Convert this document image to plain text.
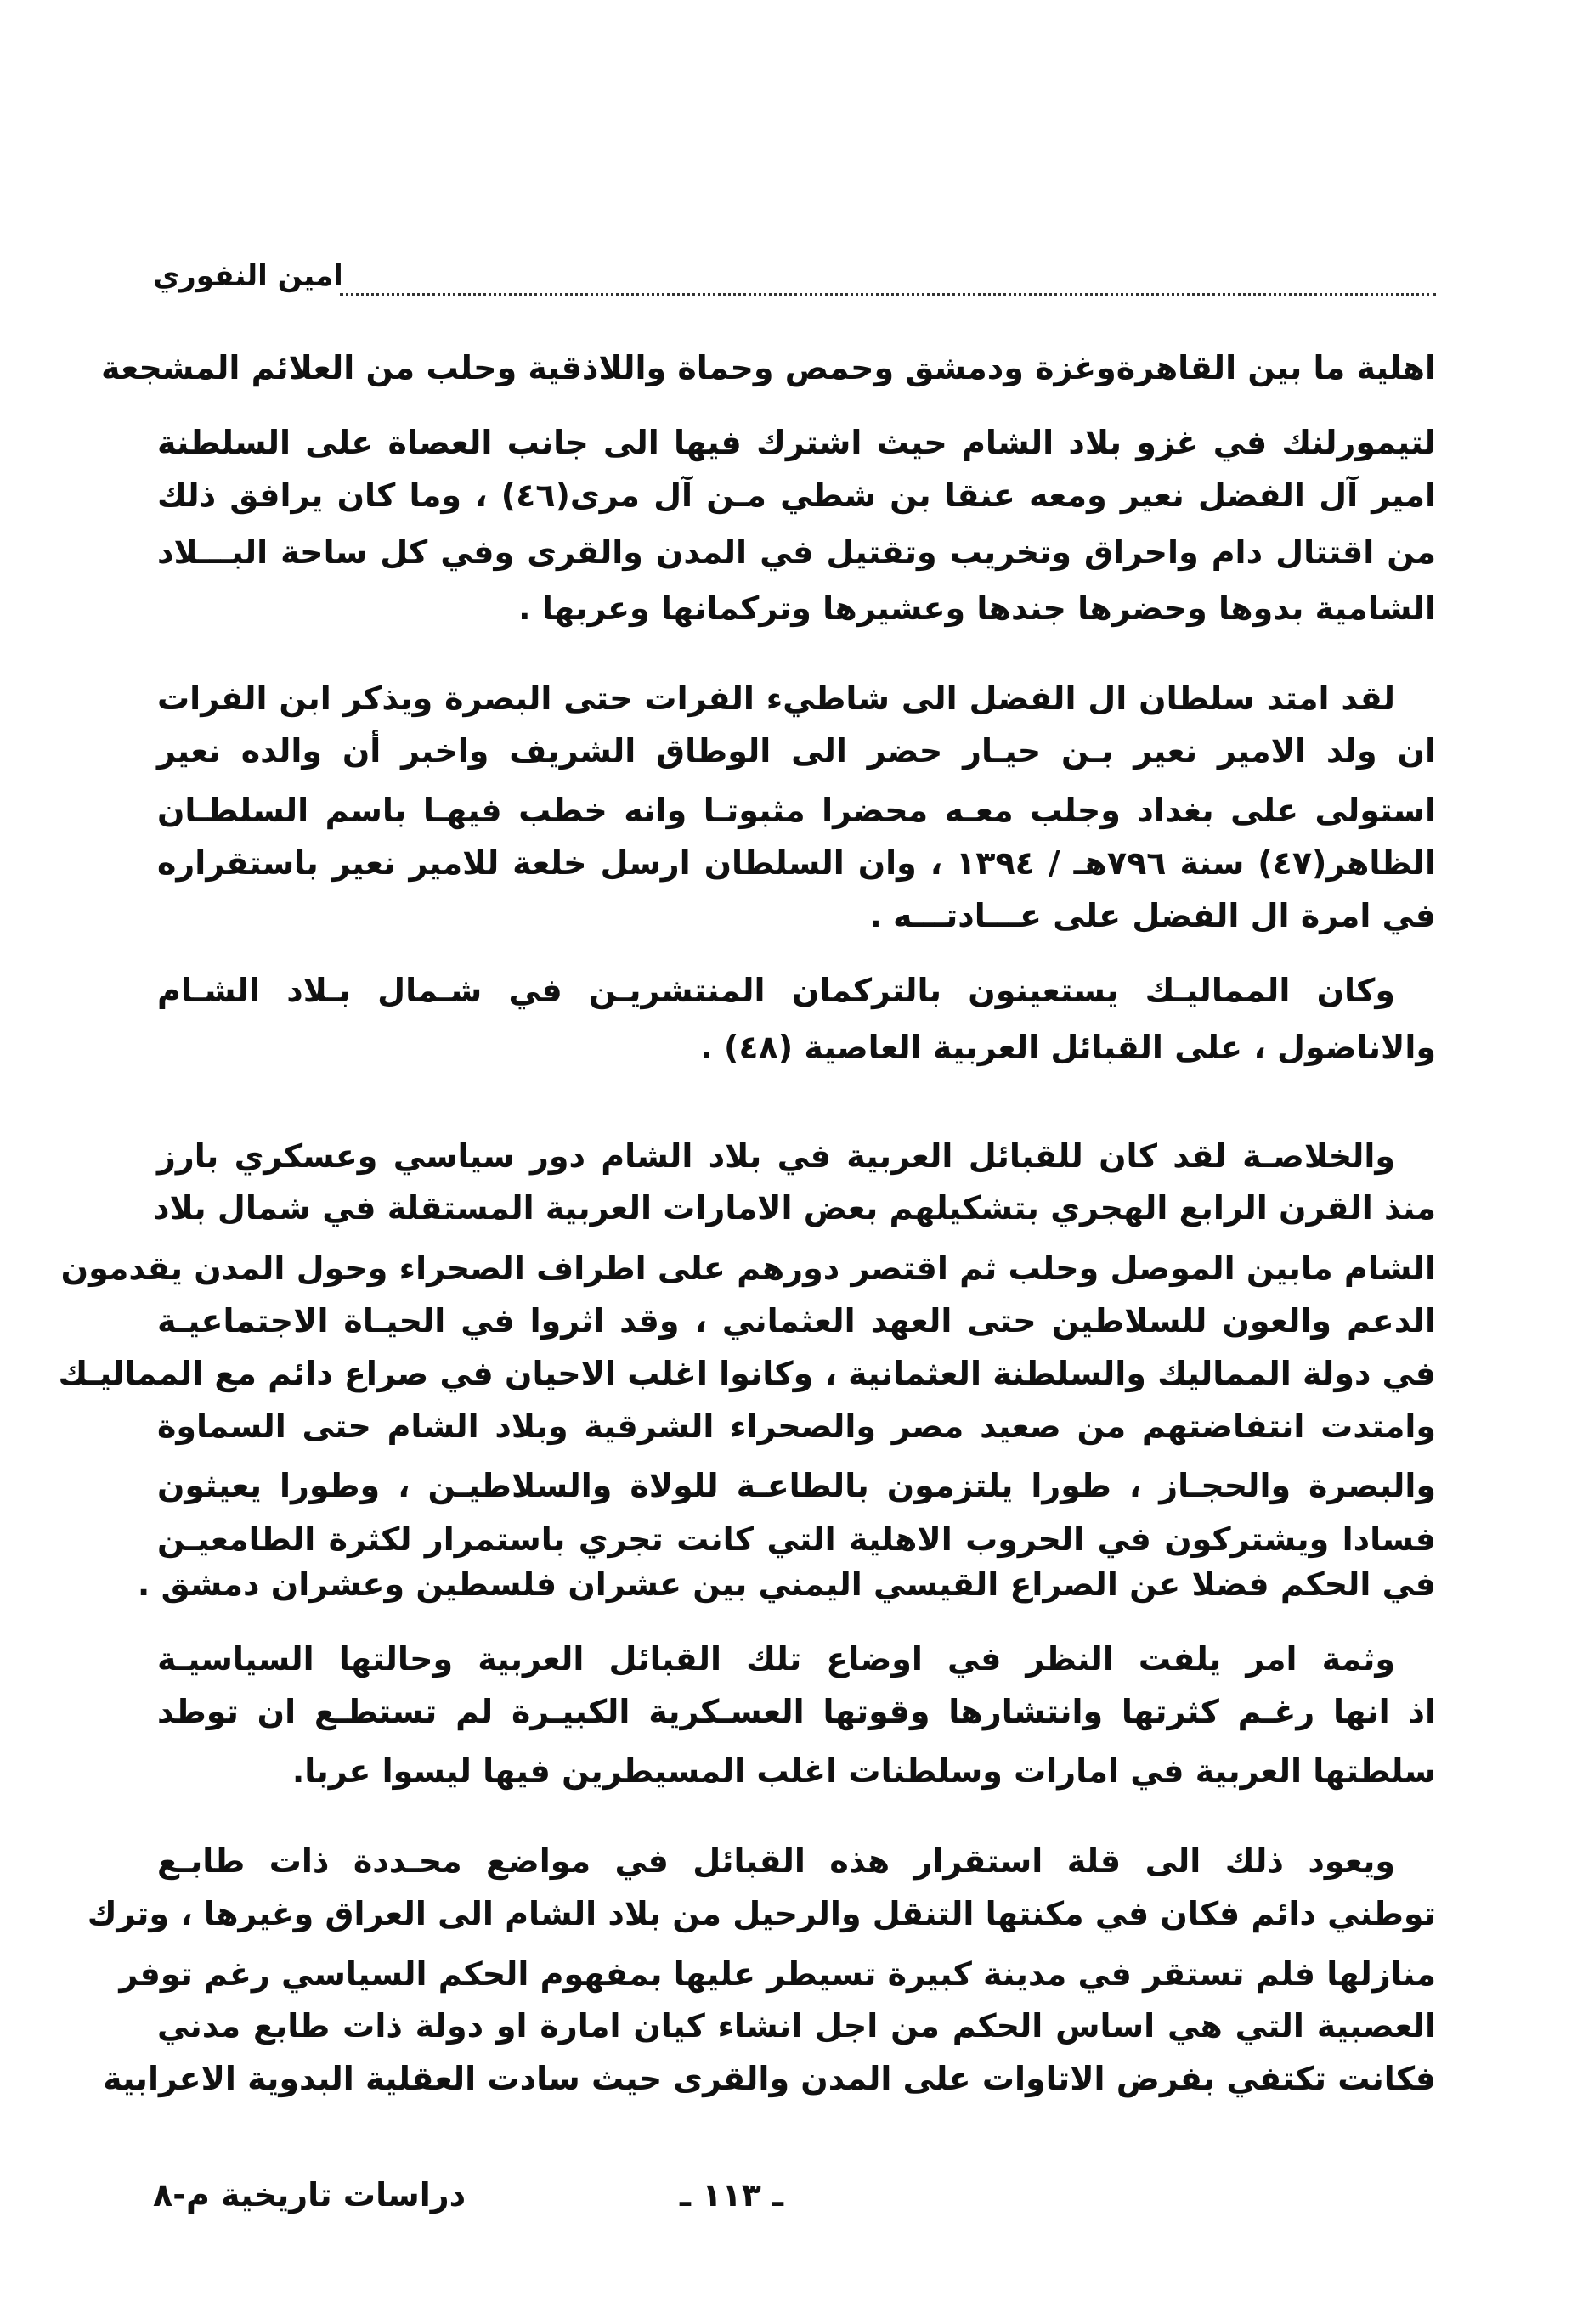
امين النفوري
اهلية ما بين القاهرةوغزة ودمشق وحمص وحماة واللاذقية وحلب من العلائم المشجعة
لتيمورلنك في غزو بلاد الشام حيث اشترك فيها الى جانب العصاة على السلطنة
امير آل الفضل نعير ومعه عنقا بن شطي مـن آل مرى(٤٦) ، وما كان يرافق ذلك
من اقتتال دام واحراق وتخريب وتقتيل في المدن والقرى وفي كل ساحة البـــلاد
الشامية بدوها وحضرها جندها وعشيرها وتركمانها وعربها .
لقد امتد سلطان ال الفضل الى شاطيء الفرات حتى البصرة ويذكر ابن الفرات
ان ولد الامير نعير بـن حيـار حضر الى الوطاق الشريف واخبر أن والده نعير
استولى على بغداد وجلب معـه محضرا مثبوتـا وانه خطب فيهـا باسم السلطـان
الظاهر(٤٧) سنة ٧٩٦هـ / ١٣٩٤ ، وان السلطان ارسل خلعة للامير نعير باستقراره
في امرة ال الفضل على عـــادتـــه .
وكان المماليـك يستعينون بالتركمان المنتشريـن في شـمال بـلاد الشـام
والاناضول ، على القبائل العربية العاصية (٤٨) .
والخلاصـة لقد كان للقبائل العربية في بلاد الشام دور سياسي وعسكري بارز
منذ القرن الرابع الهجري بتشكيلهم بعض الامارات العربية المستقلة في شمال بلاد
الشام مابين الموصل وحلب ثم اقتصر دورهم على اطراف الصحراء وحول المدن يقدمون
الدعم والعون للسلاطين حتى العهد العثماني ، وقد اثروا في الحيـاة الاجتماعيـة
في دولة المماليك والسلطنة العثمانية ، وكانوا اغلب الاحيان في صراع دائم مع المماليـك
وامتدت انتفاضتهم من صعيد مصر والصحراء الشرقية وبلاد الشام حتى السماوة
والبصرة والحجـاز ، طورا يلتزمون بالطاعـة للولاة والسلاطيـن ، وطورا يعيثون
فسادا ويشتركون في الحروب الاهلية التي كانت تجري باستمرار لكثرة الطامعيـن
في الحكم فضلا عن الصراع القيسي اليمني بين عشران فلسطين وعشران دمشق .
وثمة امر يلفت النظر في اوضاع تلك القبائل العربية وحالتها السياسيـة
اذ انها رغـم كثرتها وانتشارها وقوتها العسـكرية الكبيـرة لم تستطـع ان توطد
سلطتها العربية في امارات وسلطنات اغلب المسيطرين فيها ليسوا عربا.
ويعود ذلك الى قلة استقرار هذه القبائل في مواضع محـددة ذات طابـع
توطني دائم فكان في مكنتها التنقل والرحيل من بلاد الشام الى العراق وغيرها ، وترك
منازلها فلم تستقر في مدينة كبيرة تسيطر عليها بمفهوم الحكم السياسي رغم توفر
العصبية التي هي اساس الحكم من اجل انشاء كيان امارة او دولة ذات طابع مدني
فكانت تكتفي بفرض الاتاوات على المدن والقرى حيث سادت العقلية البدوية الاعرابية
دراسات تاريخية م-٨	ـ ١١٣ ـ
